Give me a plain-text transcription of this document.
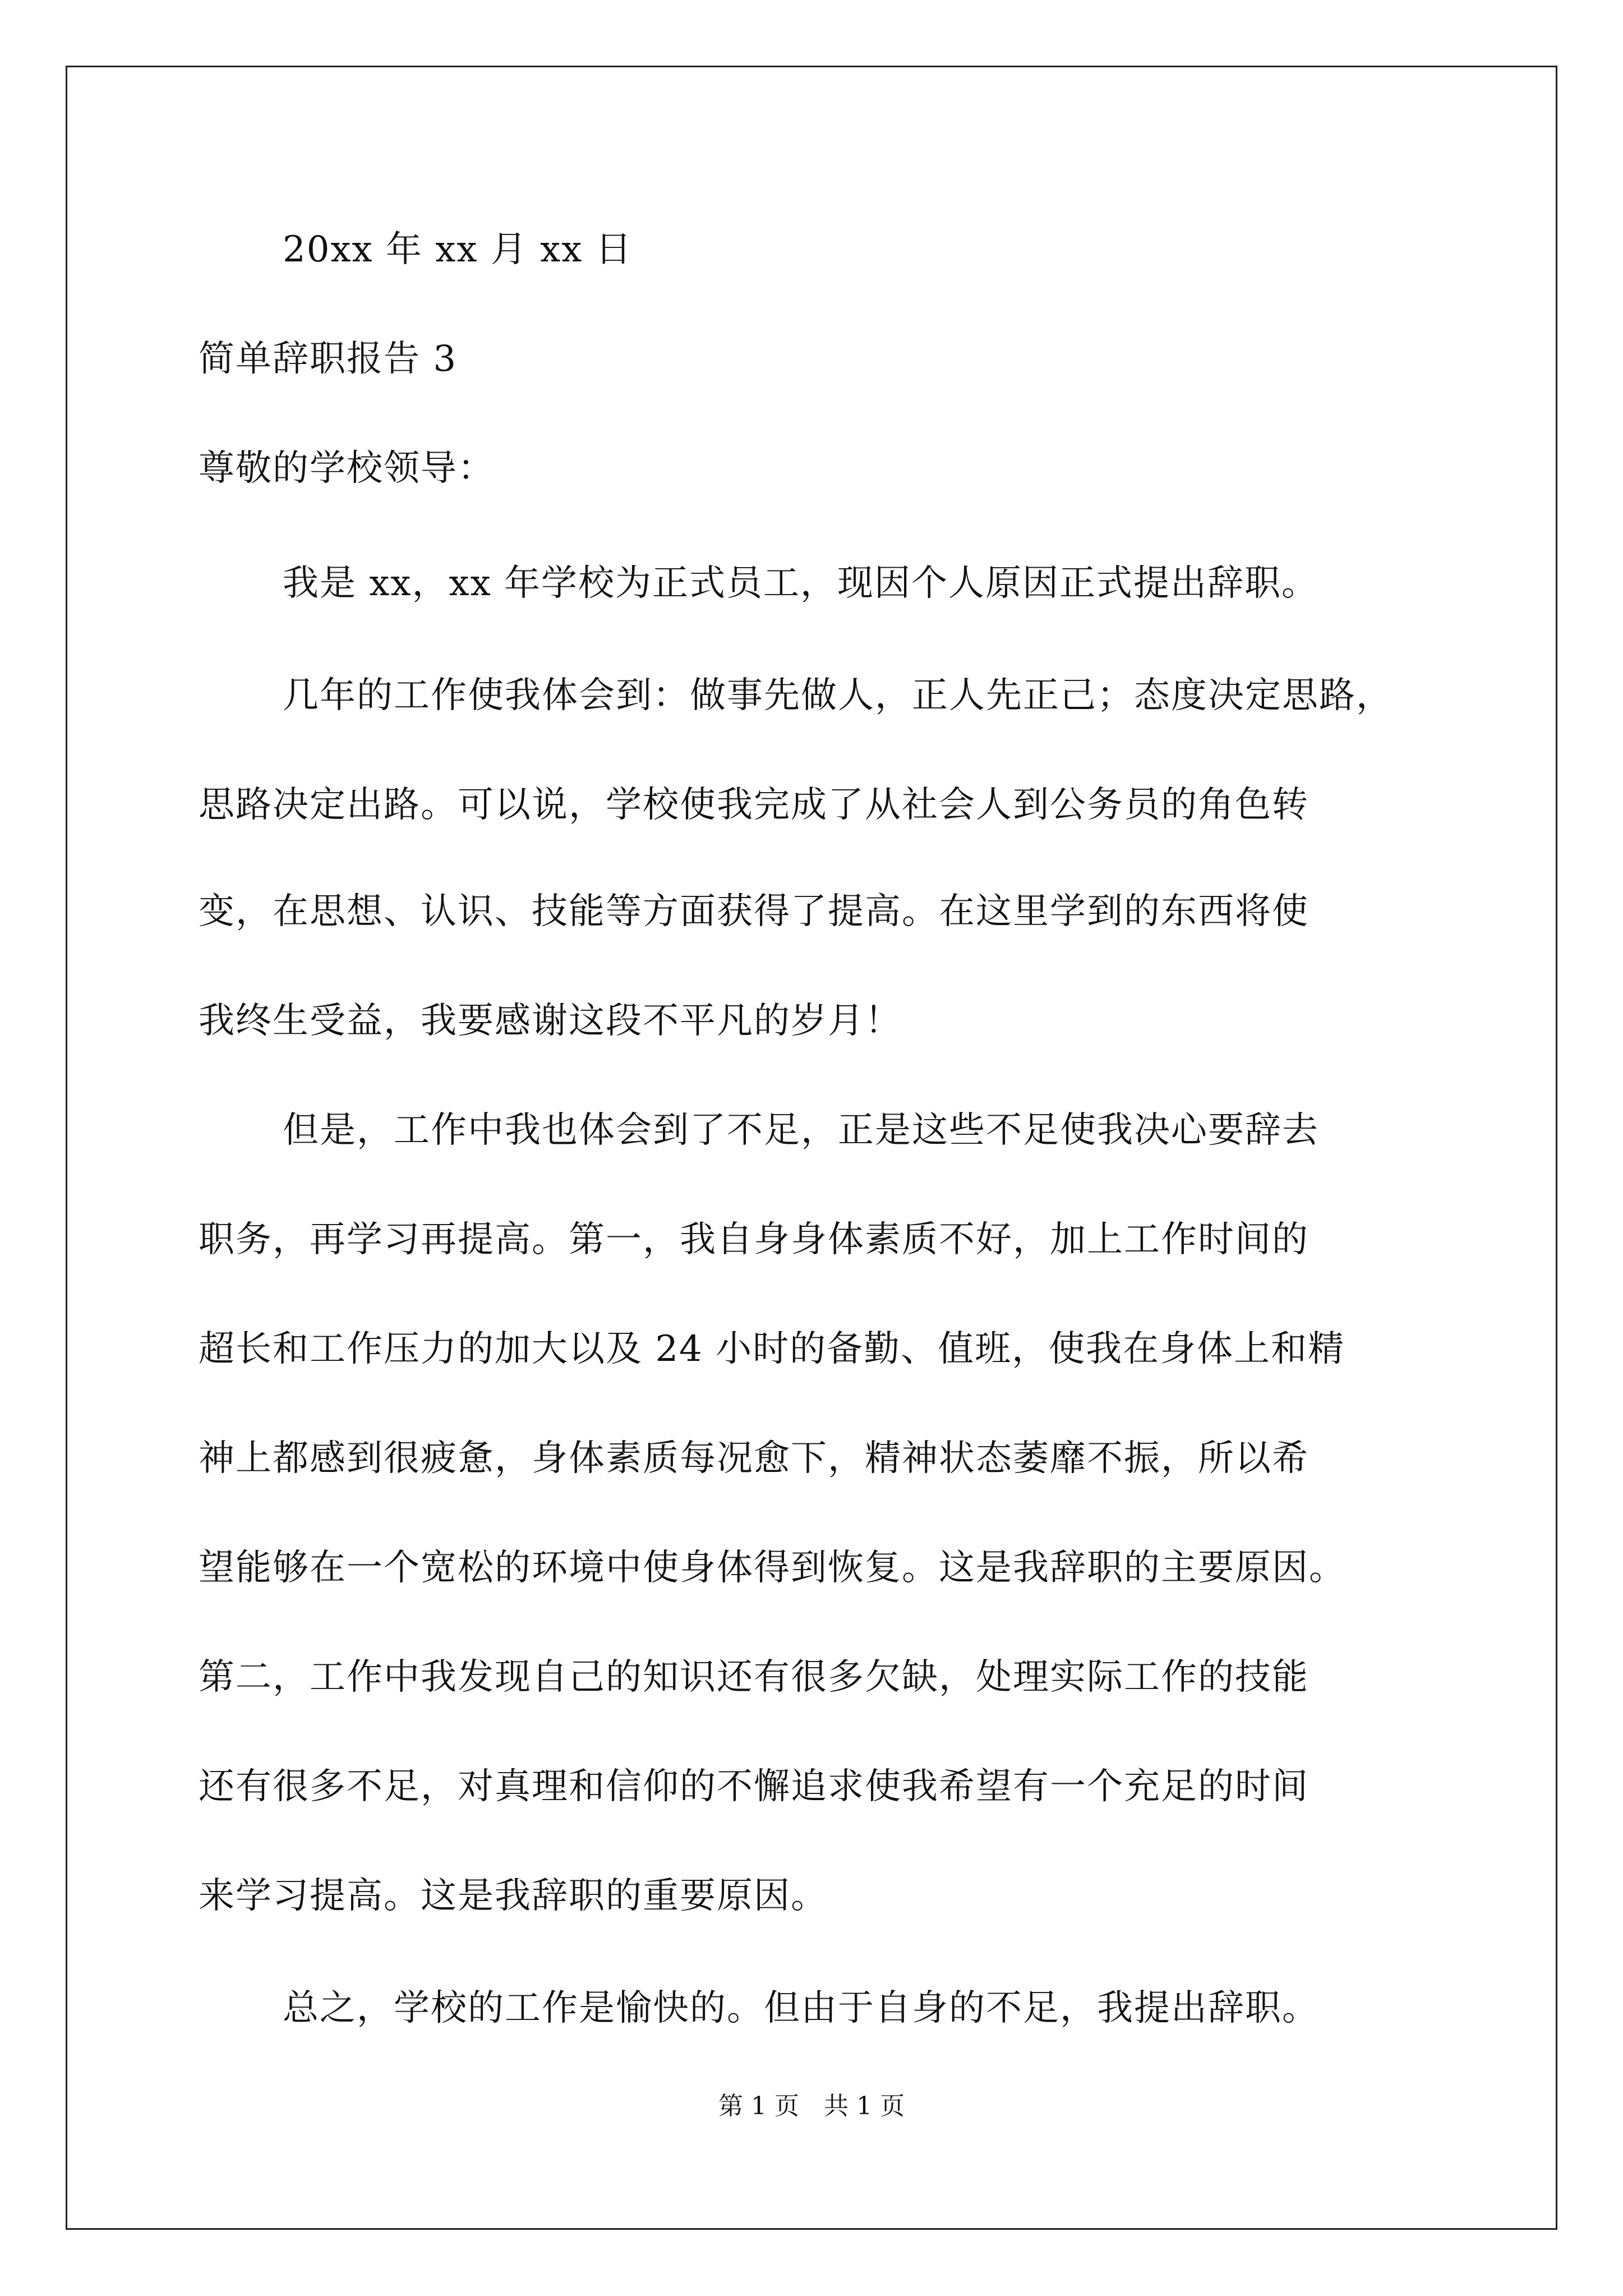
20xx 年 xx 月 xx 日
简单辞职报告 3
尊敬的学校领导：
我是 xx，xx 年学校为正式员工，现因个人原因正式提出辞职。
几年的工作使我体会到：做事先做人，正人先正己；态度决定思路，
思路决定出路。可以说，学校使我完成了从社会人到公务员的角色转
变，在思想、认识、技能等方面获得了提高。在这里学到的东西将使
我终生受益，我要感谢这段不平凡的岁月！
但是，工作中我也体会到了不足，正是这些不足使我决心要辞去
职务，再学习再提高。第一，我自身身体素质不好，加上工作时间的
超长和工作压力的加大以及 24 小时的备勤、值班，使我在身体上和精
神上都感到很疲惫，身体素质每况愈下，精神状态萎靡不振，所以希
望能够在一个宽松的环境中使身体得到恢复。这是我辞职的主要原因。
第二，工作中我发现自己的知识还有很多欠缺，处理实际工作的技能
还有很多不足，对真理和信仰的不懈追求使我希望有一个充足的时间
来学习提高。这是我辞职的重要原因。
总之，学校的工作是愉快的。但由于自身的不足，我提出辞职。
第 1 页 共 1 页
